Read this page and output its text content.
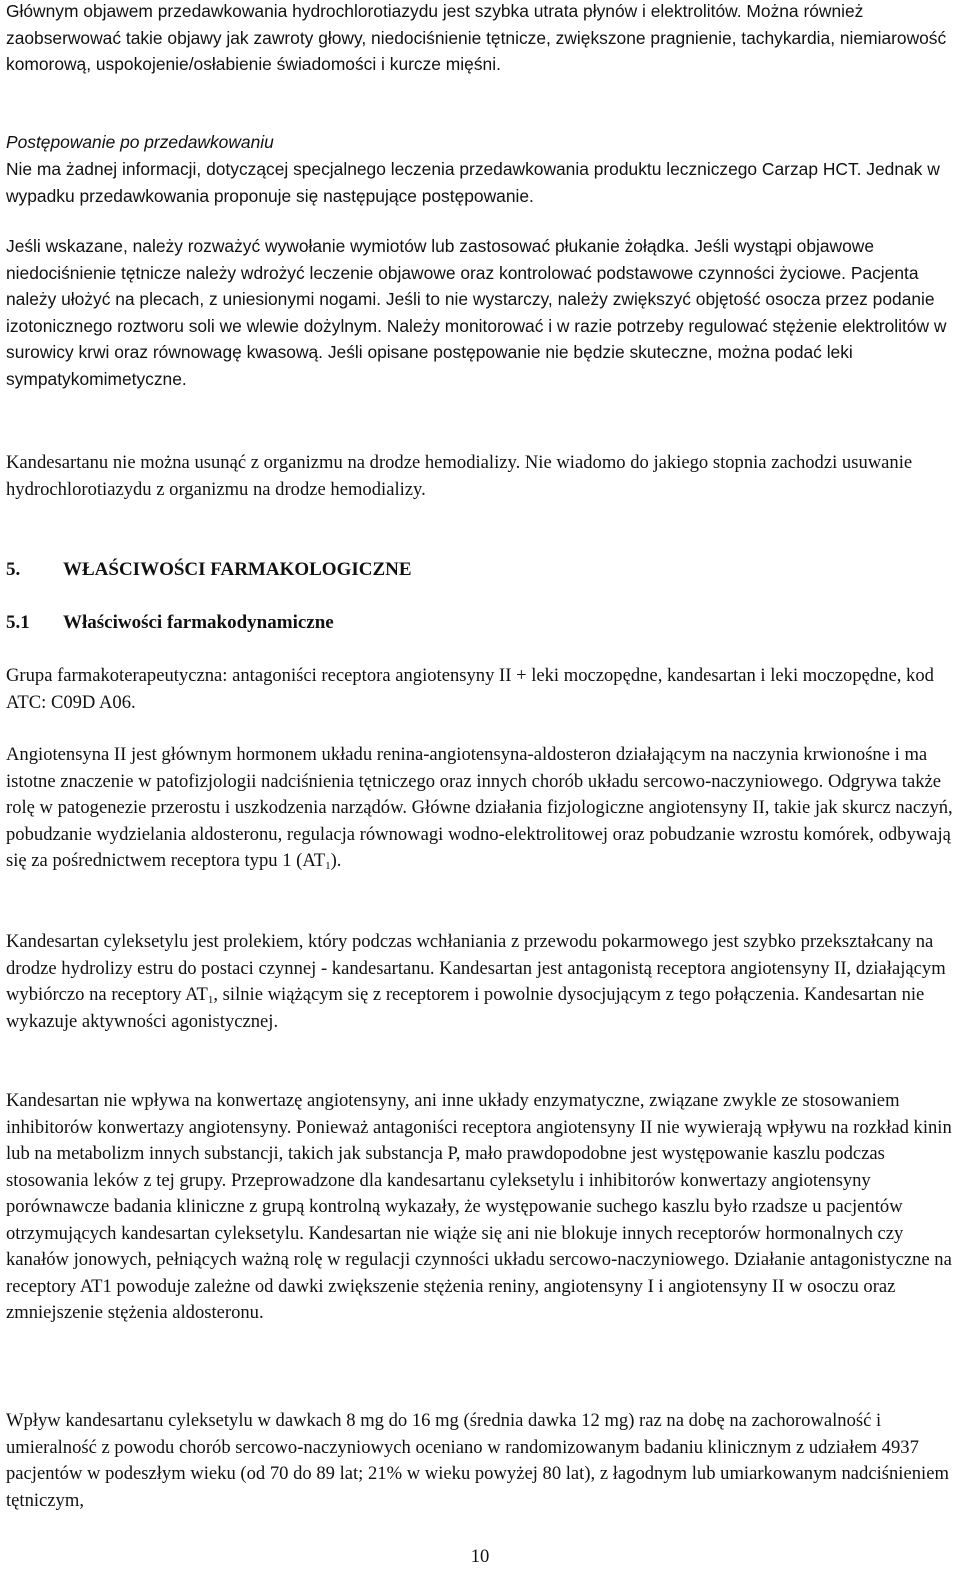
Głównym objawem przedawkowania hydrochlorotiazydu jest szybka utrata płynów i elektrolitów. Można również zaobserwować takie objawy jak zawroty głowy, niedociśnienie tętnicze, zwiększone pragnienie, tachykardia, niemiarowość komorową, uspokojenie/osłabienie świadomości i kurcze mięśni.

Postępowanie po przedawkowaniu

Nie ma żadnej informacji, dotyczącej specjalnego leczenia przedawkowania produktu leczniczego Carzap HCT. Jednak w wypadku przedawkowania proponuje się następujące postępowanie.

Jeśli wskazane, należy rozważyć wywołanie wymiotów lub zastosować płukanie żołądka. Jeśli wystąpi objawowe niedociśnienie tętnicze należy wdrożyć leczenie objawowe oraz kontrolować podstawowe czynności życiowe. Pacjenta należy ułożyć na plecach, z uniesionymi nogami. Jeśli to nie wystarczy, należy zwiększyć objętość osocza przez podanie izotonicznego roztworu soli we wlewie dożylnym. Należy monitorować i w razie potrzeby regulować stężenie elektrolitów w surowicy krwi oraz równowagę kwasową. Jeśli opisane postępowanie nie będzie skuteczne, można podać leki sympatykomimetyczne.

Kandesartanu nie można usunąć z organizmu na drodze hemodializy. Nie wiadomo do jakiego stopnia zachodzi usuwanie hydrochlorotiazydu z organizmu na drodze hemodializy.

5.	WŁAŚCIWOŚCI FARMAKOLOGICZNE
5.1	Właściwości farmakodynamiczne

Grupa farmakoterapeutyczna: antagoniści receptora angiotensyny II + leki moczopędne, kandesartan i leki moczopędne, kod ATC: C09D A06.

Angiotensyna II jest głównym hormonem układu renina-angiotensyna-aldosteron działającym na naczynia krwionośne i ma istotne znaczenie w patofizjologii nadciśnienia tętniczego oraz innych chorób układu sercowo-naczyniowego. Odgrywa także rolę w patogenezie przerostu i uszkodzenia narządów. Główne działania fizjologiczne angiotensyny II, takie jak skurcz naczyń, pobudzanie wydzielania aldosteronu, regulacja równowagi wodno-elektrolitowej oraz pobudzanie wzrostu komórek, odbywają się za pośrednictwem receptora typu 1 $(AT_1)$.

Kandesartan cyleksetylu jest prolekiem, który podczas wchłaniania z przewodu pokarmowego jest szybko przekształcany na drodze hydrolizy estru do postaci czynnej - kandesartanu. Kandesartan jest antagonistą receptora angiotensyny II, działającym wybiórczo na receptory $AT_1$, silnie wiążącym się z receptorem i powolnie dysocjującym z tego połączenia. Kandesartan nie wykazuje aktywności agonistycznej.

Kandesartan nie wpływa na konwertazę angiotensyny, ani inne układy enzymatyczne, związane zwykle ze stosowaniem inhibitorów konwertazy angiotensyny. Ponieważ antagoniści receptora angiotensyny II nie wywierają wpływu na rozkład kinin lub na metabolizm innych substancji, takich jak substancja P, mało prawdopodobne jest występowanie kaszlu podczas stosowania leków z tej grupy. Przeprowadzone dla kandesartanu cyleksetylu i inhibitorów konwertazy angiotensyny porównawcze badania kliniczne z grupą kontrolną wykazały, że występowanie suchego kaszlu było rzadsze u pacjentów otrzymujących kandesartan cyleksetylu. Kandesartan nie wiąże się ani nie blokuje innych receptorów hormonalnych czy kanałów jonowych, pełniących ważną rolę w regulacji czynności układu sercowo-naczyniowego. Działanie antagonistyczne na receptory AT1 powoduje zależne od dawki zwiększenie stężenia reniny, angiotensyny I i angiotensyny II w osoczu oraz zmniejszenie stężenia aldosteronu.

Wpływ kandesartanu cyleksetylu w dawkach 8 mg do 16 mg (średnia dawka 12 mg) raz na dobę na zachorowalność i umieralność z powodu chorób sercowo-naczyniowych oceniano w randomizowanym badaniu klinicznym z udziałem 4937 pacjentów w podeszłym wieku (od 70 do 89 lat; 21% w wieku powyżej 80 lat), z łagodnym lub umiarkowanym nadciśnieniem tętniczym,

10
